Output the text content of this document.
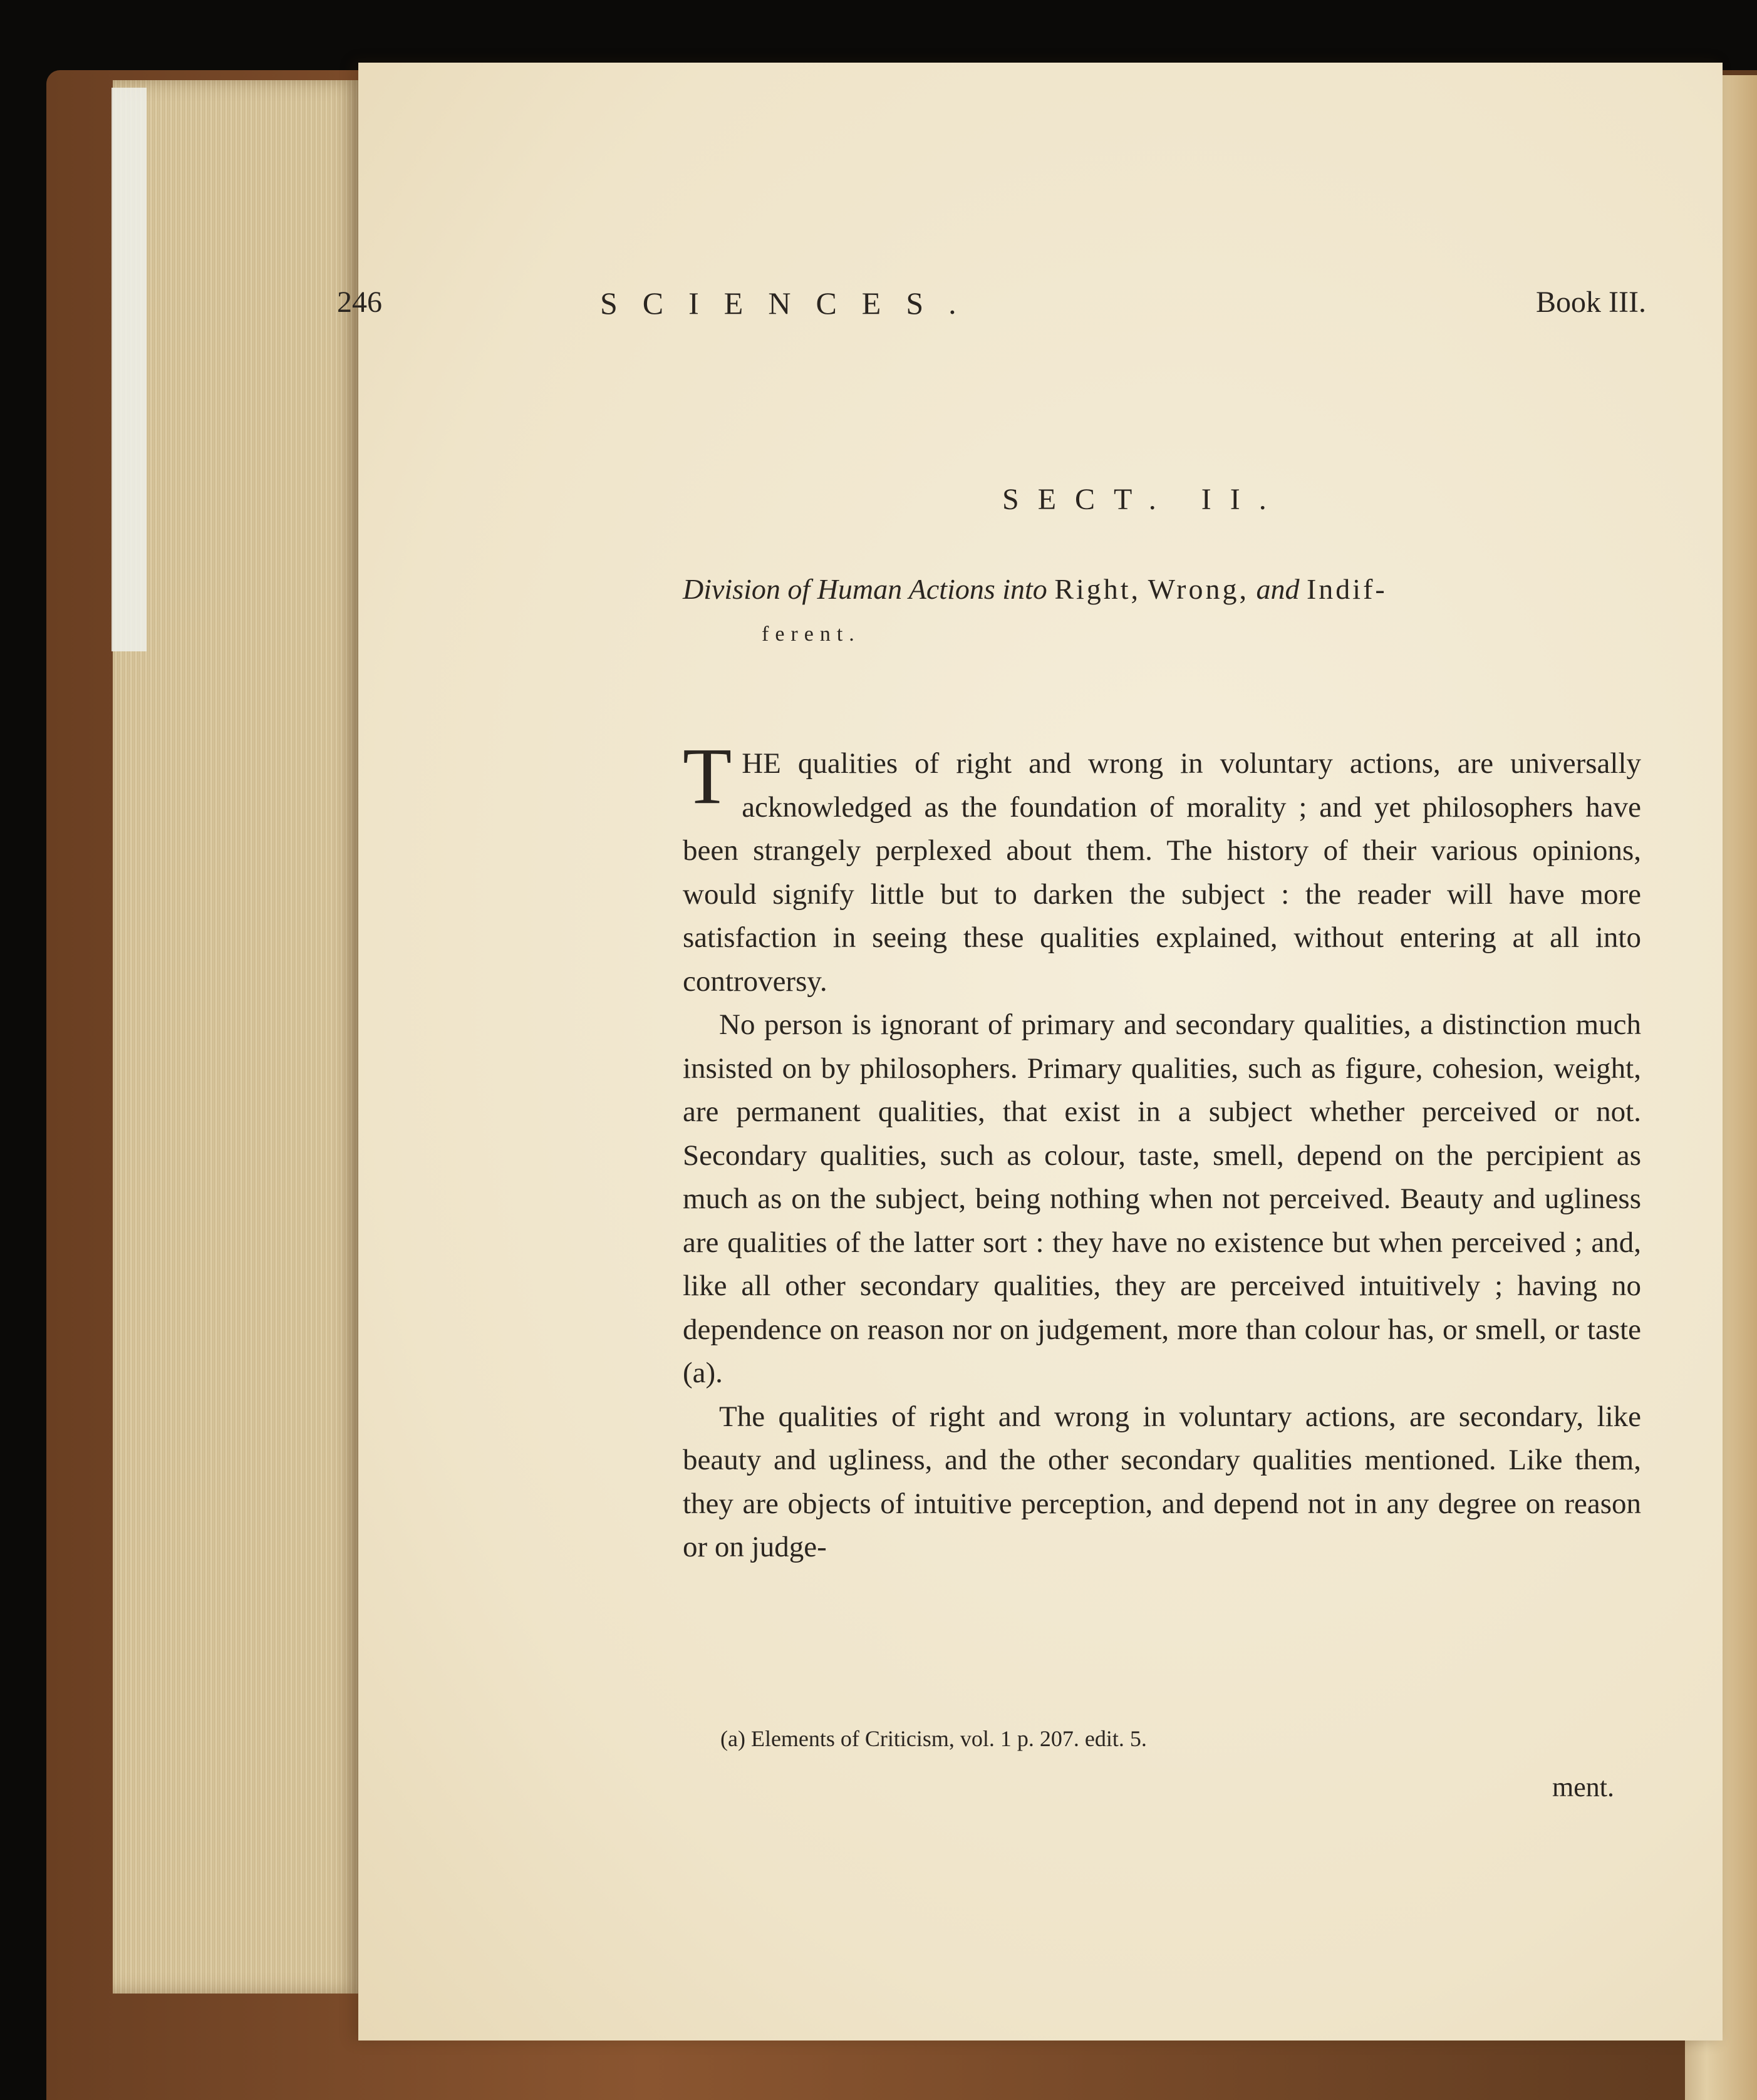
246	SCIENCES.	Book III.
SECT. II.
Division of Human Actions into Right, Wrong, and Indif-
ferent.

THE qualities of right and wrong in voluntary actions, are universally acknowledged as the foundation of morality ; and yet philosophers have been strangely perplexed about them. The history of their various opinions, would signify little but to darken the subject : the reader will have more satisfaction in seeing these qualities explained, without entering at all into controversy.

No person is ignorant of primary and secondary qualities, a distinction much insisted on by philosophers. Primary qualities, such as figure, cohesion, weight, are permanent qualities, that exist in a subject whether perceived or not. Secondary qualities, such as colour, taste, smell, depend on the percipient as much as on the subject, being nothing when not perceived. Beauty and ugliness are qualities of the latter sort : they have no existence but when perceived ; and, like all other secondary qualities, they are perceived intuitively ; having no dependence on reason nor on judgement, more than colour has, or smell, or taste (a).

The qualities of right and wrong in voluntary actions, are secondary, like beauty and ugliness, and the other secondary qualities mentioned. Like them, they are objects of intuitive perception, and depend not in any degree on reason or on judge-

(a) Elements of Criticism, vol. 1 p. 207. edit. 5.
ment.
